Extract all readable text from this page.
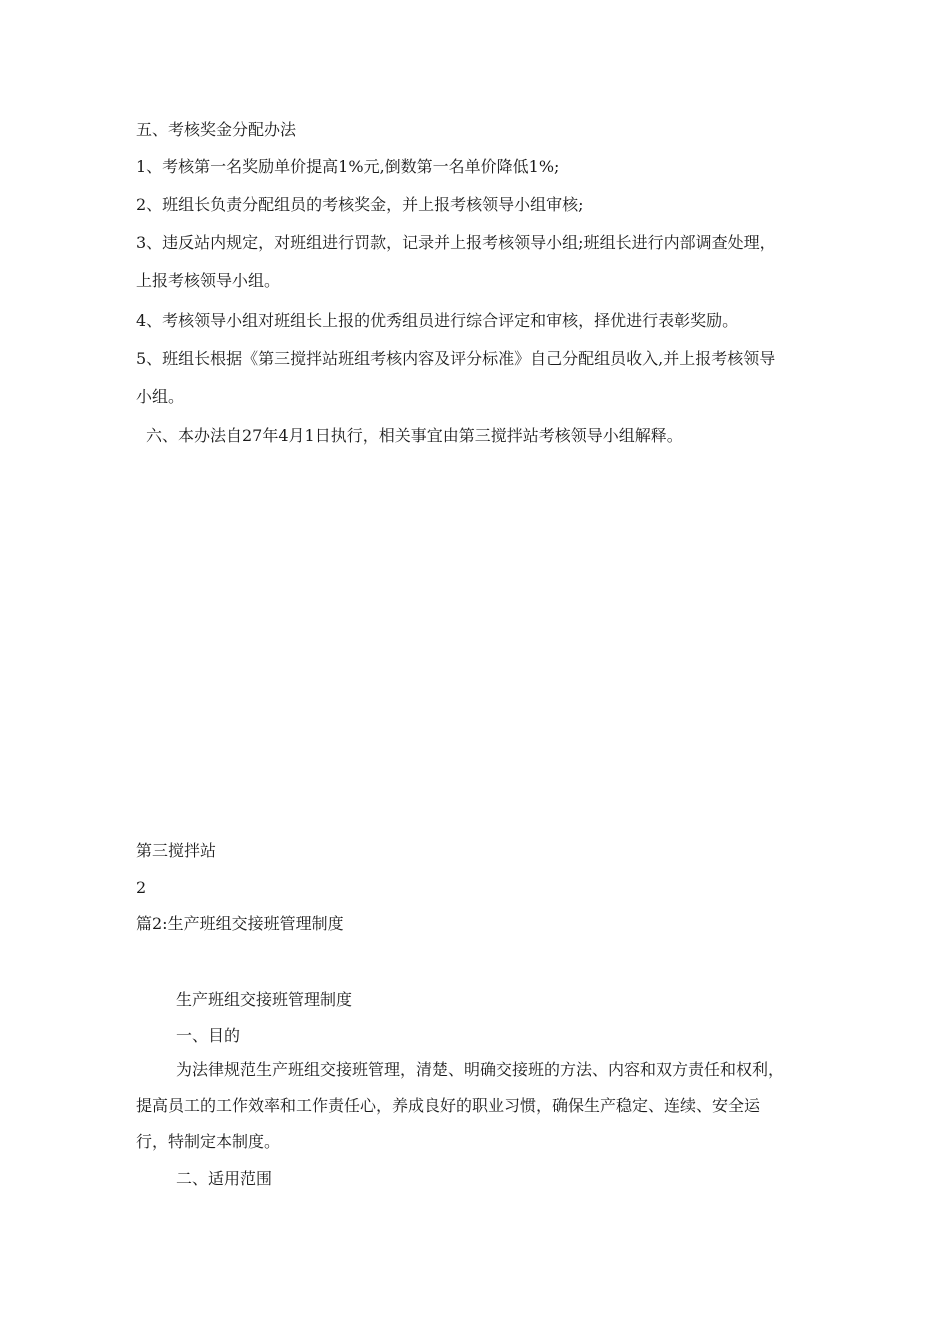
五、考核奖金分配办法

1、考核第一名奖励单价提高1%元,倒数第一名单价降低1%;

2、班组长负责分配组员的考核奖金，并上报考核领导小组审核;

3、违反站内规定，对班组进行罚款，记录并上报考核领导小组;班组长进行内部调查处理，

上报考核领导小组。

4、考核领导小组对班组长上报的优秀组员进行综合评定和审核，择优进行表彰奖励。

5、班组长根据《第三搅拌站班组考核内容及评分标准》自己分配组员收入,并上报考核领导

小组。

六、本办法自27年4月1日执行，相关事宜由第三搅拌站考核领导小组解释。

第三搅拌站

2

篇2:生产班组交接班管理制度

生产班组交接班管理制度

一、目的

为法律规范生产班组交接班管理，清楚、明确交接班的方法、内容和双方责任和权利，

提高员工的工作效率和工作责任心，养成良好的职业习惯，确保生产稳定、连续、安全运

行，特制定本制度。

二、适用范围
